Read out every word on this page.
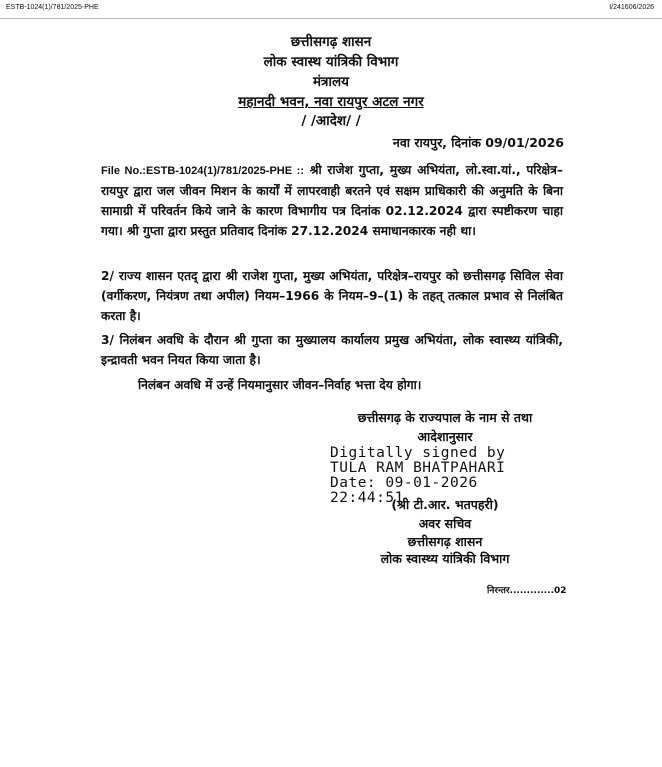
ESTB-1024(1)/781/2025-PHE	I/241606/2026
छत्तीसगढ़ शासन
लोक स्वास्थ यांत्रिकी विभाग
मंत्रालय
महानदी भवन, नवा रायपुर अटल नगर
/ /आदेश/ /
नवा रायपुर, दिनांक 09/01/2026
File No.:ESTB-1024(1)/781/2025-PHE :: श्री राजेश गुप्ता, मुख्य अभियंता, लो.स्वा.यां., परिक्षेत्र–रायपुर द्वारा जल जीवन मिशन के कार्यों में लापरवाही बरतने एवं सक्षम प्राधिकारी की अनुमति के बिना सामाग्री में परिवर्तन किये जाने के कारण विभागीय पत्र दिनांक 02.12.2024 द्वारा स्पष्टीकरण चाहा गया। श्री गुप्ता द्वारा प्रस्तुत प्रतिवाद दिनांक 27.12.2024 समाधानकारक नही था।
2/ राज्य शासन एतद् द्वारा श्री राजेश गुप्ता, मुख्य अभियंता, परिक्षेत्र–रायपुर को छत्तीसगढ़ सिविल सेवा (वर्गीकरण, नियंत्रण तथा अपील) नियम–1966 के नियम–9–(1) के तहत् तत्काल प्रभाव से निलंबित करता है।
3/ निलंबन अवधि के दौरान श्री गुप्ता का मुख्यालय कार्यालय प्रमुख अभियंता, लोक स्वास्थ्य यांत्रिकी, इन्द्रावती भवन नियत किया जाता है।
निलंबन अवधि में उन्हें नियमानुसार जीवन–निर्वाह भत्ता देय होगा।
छत्तीसगढ़ के राज्यपाल के नाम से तथा
आदेशानुसार
Digitally signed by
TULA RAM BHATPAHARI
Date: 09-01-2026
22:44:51
(श्री टी.आर. भतपहरी)
अवर सचिव
छत्तीसगढ़ शासन
लोक स्वास्थ्य यांत्रिकी विभाग
निरन्तर.............02
